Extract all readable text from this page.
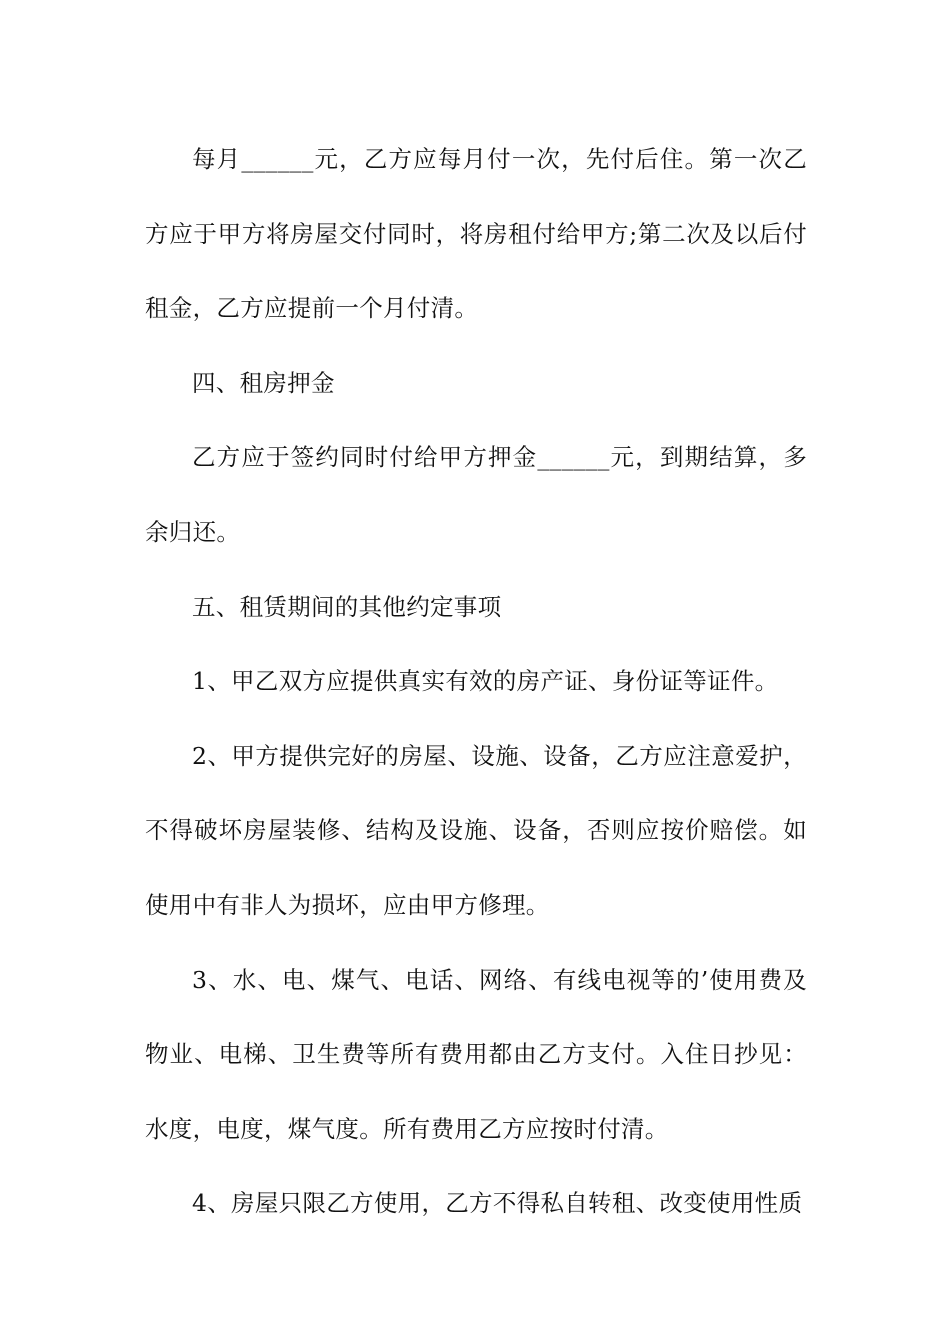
每月______元，乙方应每月付一次，先付后住。第一次乙方应于甲方将房屋交付同时，将房租付给甲方;第二次及以后付租金，乙方应提前一个月付清。

四、租房押金

乙方应于签约同时付给甲方押金______元，到期结算，多余归还。

五、租赁期间的其他约定事项

1、甲乙双方应提供真实有效的房产证、身份证等证件。

2、甲方提供完好的房屋、设施、设备，乙方应注意爱护，不得破坏房屋装修、结构及设施、设备，否则应按价赔偿。如使用中有非人为损坏，应由甲方修理。

3、水、电、煤气、电话、网络、有线电视等的’使用费及物业、电梯、卫生费等所有费用都由乙方支付。入住日抄见：水度，电度，煤气度。所有费用乙方应按时付清。

4、房屋只限乙方使用，乙方不得私自转租、改变使用性质
